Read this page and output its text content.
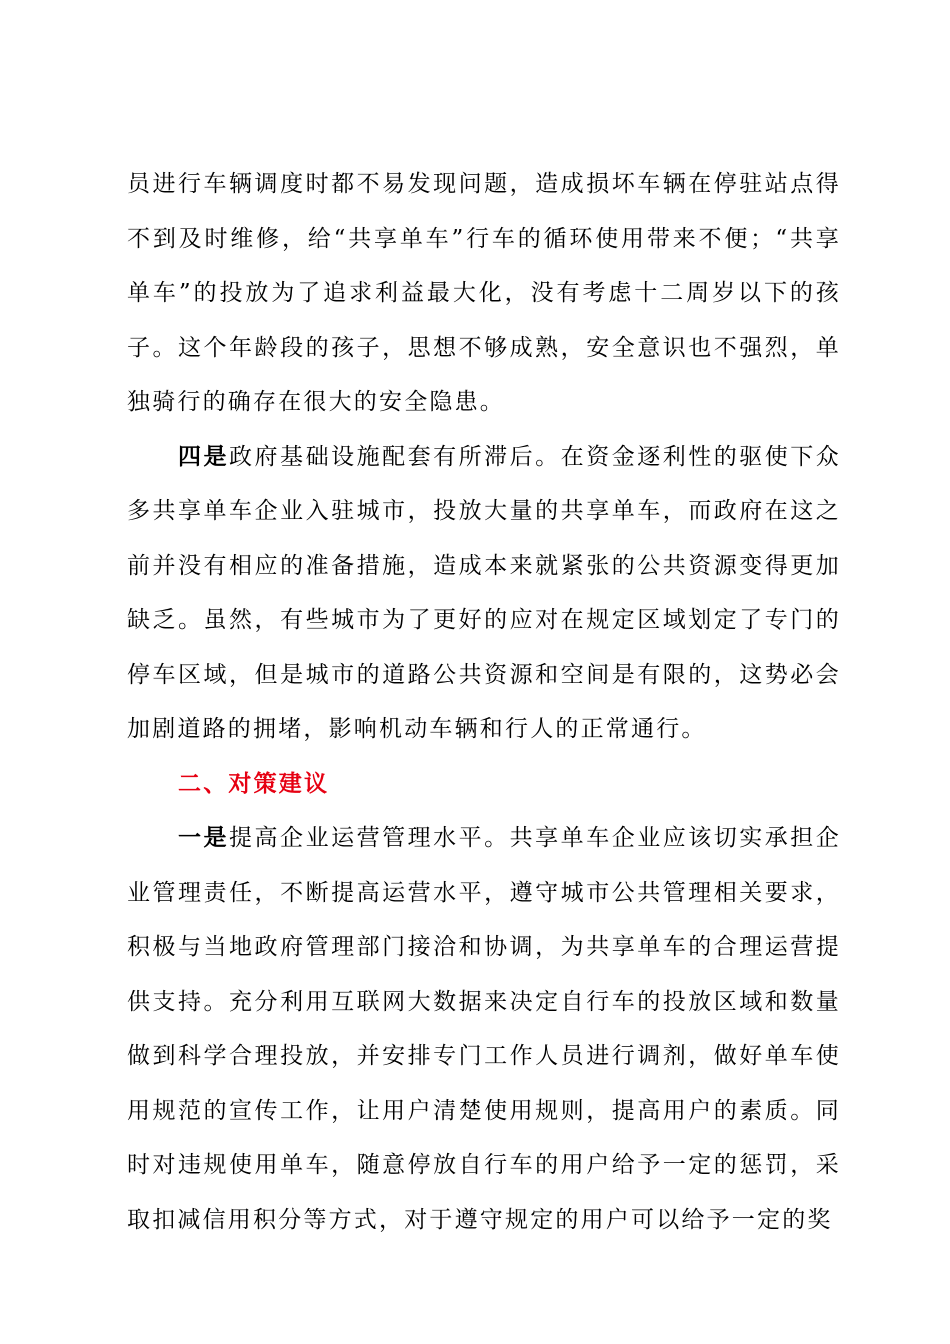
员进行车辆调度时都不易发现问题，造成损坏车辆在停驻站点得不到及时维修，给“共享单车”行车的循环使用带来不便；“共享单车”的投放为了追求利益最大化，没有考虑十二周岁以下的孩子。这个年龄段的孩子，思想不够成熟，安全意识也不强烈，单独骑行的确存在很大的安全隐患。

四是政府基础设施配套有所滞后。在资金逐利性的驱使下众多共享单车企业入驻城市，投放大量的共享单车，而政府在这之前并没有相应的准备措施，造成本来就紧张的公共资源变得更加缺乏。虽然，有些城市为了更好的应对在规定区域划定了专门的停车区域，但是城市的道路公共资源和空间是有限的，这势必会加剧道路的拥堵，影响机动车辆和行人的正常通行。

二、对策建议

一是提高企业运营管理水平。共享单车企业应该切实承担企业管理责任，不断提高运营水平，遵守城市公共管理相关要求，积极与当地政府管理部门接洽和协调，为共享单车的合理运营提供支持。充分利用互联网大数据来决定自行车的投放区域和数量做到科学合理投放，并安排专门工作人员进行调剂，做好单车使用规范的宣传工作，让用户清楚使用规则，提高用户的素质。同时对违规使用单车，随意停放自行车的用户给予一定的惩罚，采取扣减信用积分等方式，对于遵守规定的用户可以给予一定的奖
